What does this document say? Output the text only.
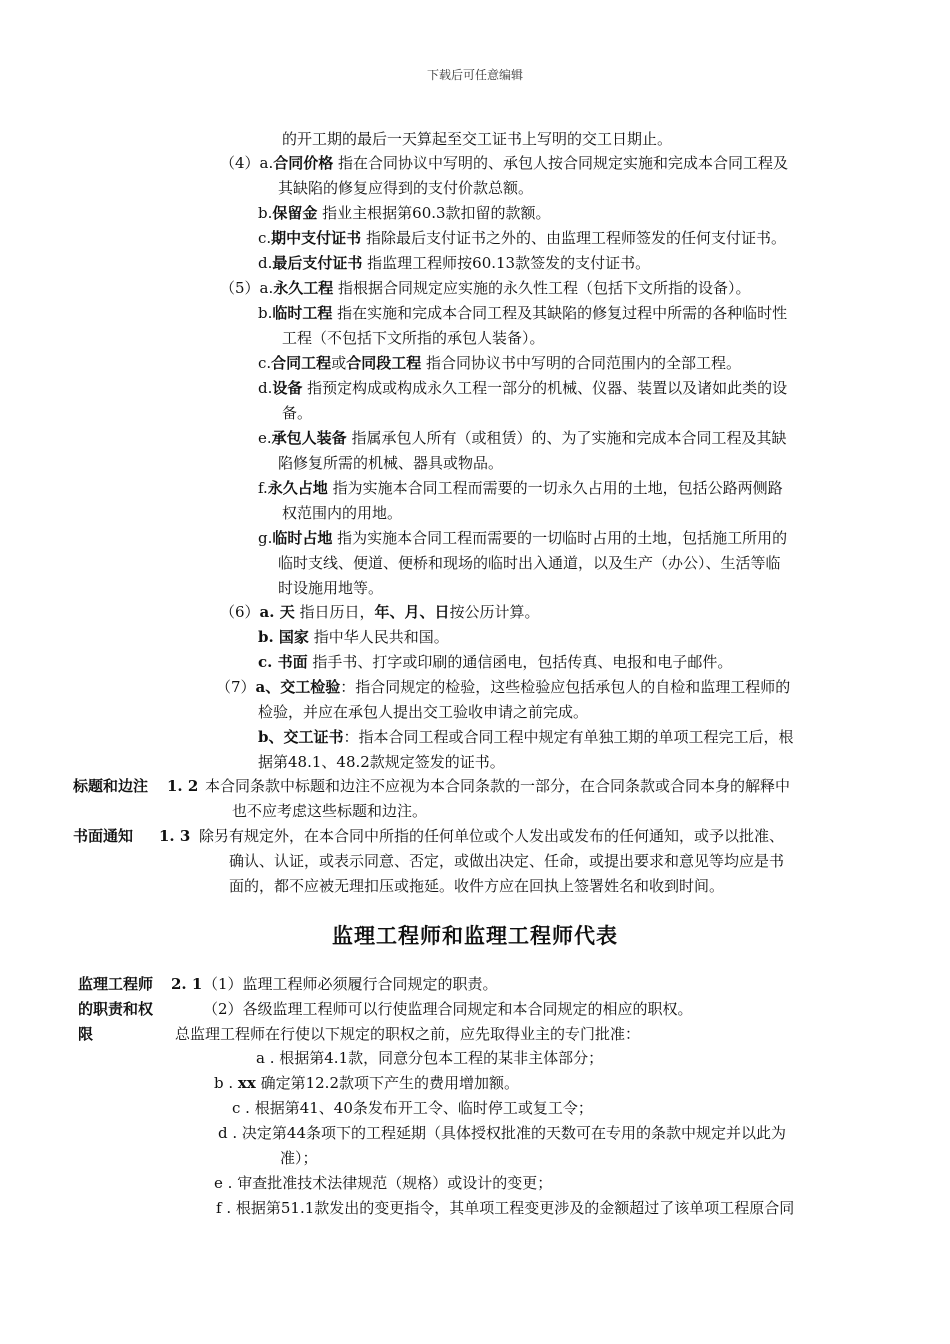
下载后可任意编辑
的开工期的最后一天算起至交工证书上写明的交工日期止。
（4）a.合同价格 指在合同协议中写明的、承包人按合同规定实施和完成本合同工程及
其缺陷的修复应得到的支付价款总额。
b.保留金 指业主根据第60.3款扣留的款额。
c.期中支付证书 指除最后支付证书之外的、由监理工程师签发的任何支付证书。
d.最后支付证书 指监理工程师按60.13款签发的支付证书。
（5）a.永久工程 指根据合同规定应实施的永久性工程（包括下文所指的设备）。
b.临时工程 指在实施和完成本合同工程及其缺陷的修复过程中所需的各种临时性
工程（不包括下文所指的承包人装备）。
c.合同工程或合同段工程 指合同协议书中写明的合同范围内的全部工程。
d.设备 指预定构成或构成永久工程一部分的机械、仪器、装置以及诸如此类的设
备。
e.承包人装备 指属承包人所有（或租赁）的、为了实施和完成本合同工程及其缺
陷修复所需的机械、器具或物品。
f.永久占地 指为实施本合同工程而需要的一切永久占用的土地，包括公路两侧路
权范围内的用地。
g.临时占地 指为实施本合同工程而需要的一切临时占用的土地，包括施工所用的
临时支线、便道、便桥和现场的临时出入通道，以及生产（办公）、生活等临
时设施用地等。
（6）a. 天 指日历日，年、月、日按公历计算。
b. 国家 指中华人民共和国。
c. 书面 指手书、打字或印刷的通信函电，包括传真、电报和电子邮件。
（7）a、交工检验：指合同规定的检验，这些检验应包括承包人的自检和监理工程师的
检验，并应在承包人提出交工验收申请之前完成。
b、交工证书：指本合同工程或合同工程中规定有单独工期的单项工程完工后，根
据第48.1、48.2款规定签发的证书。
标题和边注 1. 2 本合同条款中标题和边注不应视为本合同条款的一部分，在合同条款或合同本身的解释中
也不应考虑这些标题和边注。
书面通知 1. 3 除另有规定外，在本合同中所指的任何单位或个人发出或发布的任何通知，或予以批准、
确认、认证，或表示同意、否定，或做出决定、任命，或提出要求和意见等均应是书
面的，都不应被无理扣压或拖延。收件方应在回执上签署姓名和收到时间。
监理工程师和监理工程师代表
监理工程师 2. 1 （1）监理工程师必须履行合同规定的职责。
的职责和权	（2）各级监理工程师可以行使监理合同规定和本合同规定的相应的职权。
限	总监理工程师在行使以下规定的职权之前，应先取得业主的专门批准：
a . 根据第4.1款，同意分包本工程的某非主体部分；
b . xx 确定第12.2款项下产生的费用增加额。
c . 根据第41、40条发布开工令、临时停工或复工令；
d . 决定第44条项下的工程延期（具体授权批准的天数可在专用的条款中规定并以此为
准）；
e . 审查批准技术法律规范（规格）或设计的变更；
f . 根据第51.1款发出的变更指令，其单项工程变更涉及的金额超过了该单项工程原合同
